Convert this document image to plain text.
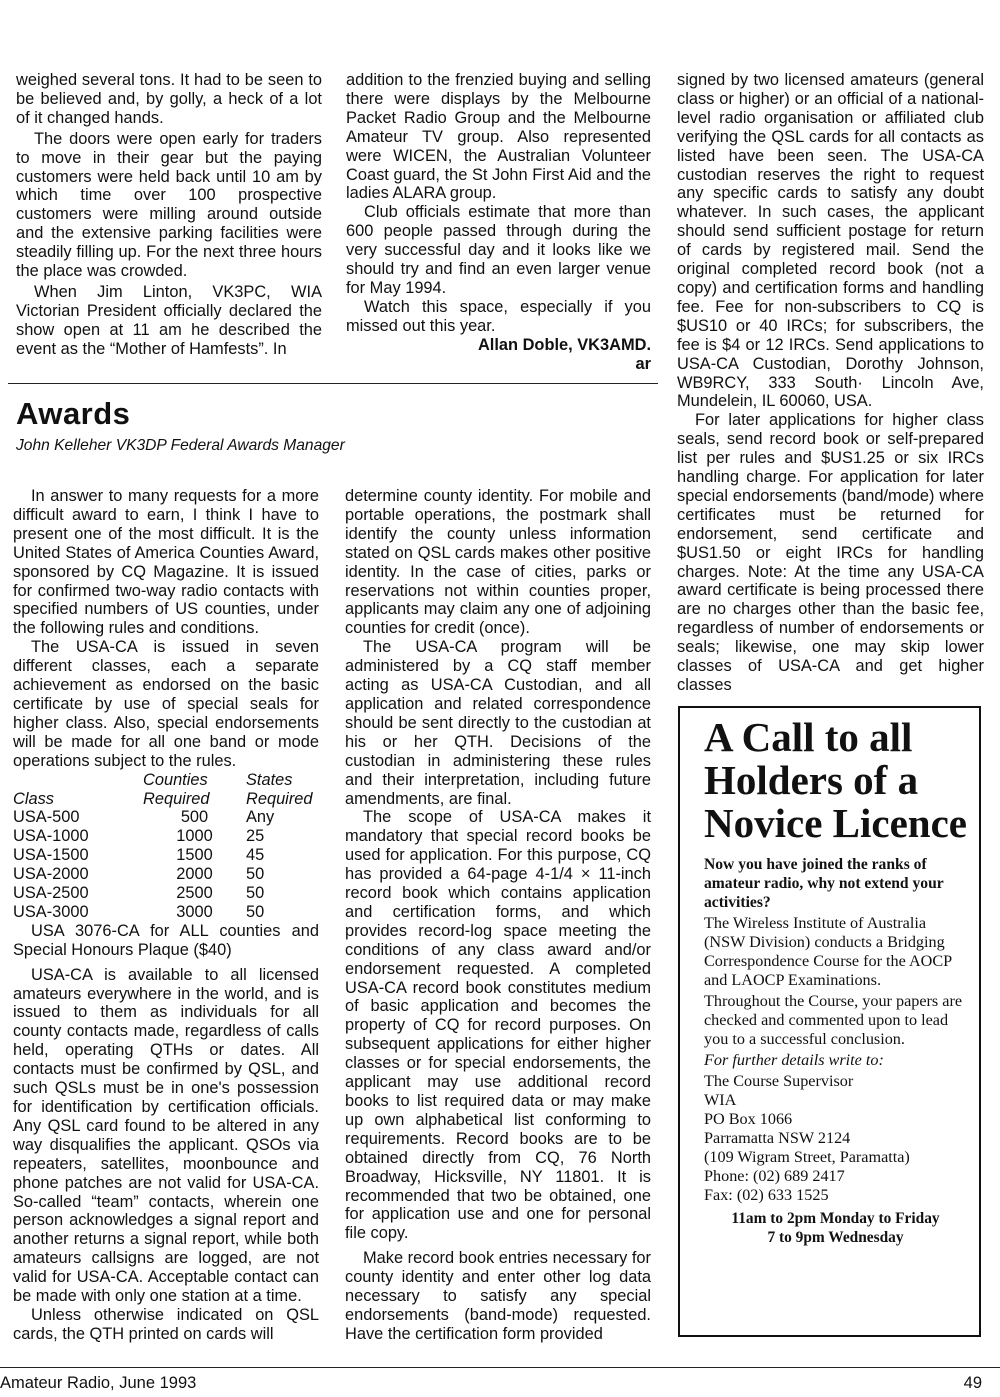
weighed several tons. It had to be seen to be believed and, by golly, a heck of a lot of it changed hands.

The doors were open early for traders to move in their gear but the paying customers were held back until 10 am by which time over 100 prospective customers were milling around outside and the extensive parking facilities were steadily filling up. For the next three hours the place was crowded.

When Jim Linton, VK3PC, WIA Victorian President officially declared the show open at 11 am he described the event as the “Mother of Hamfests”. In

addition to the frenzied buying and selling there were displays by the Melbourne Packet Radio Group and the Melbourne Amateur TV group. Also represented were WICEN, the Australian Volunteer Coast guard, the St John First Aid and the ladies ALARA group.

Club officials estimate that more than 600 people passed through during the very successful day and it looks like we should try and find an even larger venue for May 1994.

Watch this space, especially if you missed out this year.

Allan Doble, VK3AMD.
ar
Awards
John Kelleher VK3DP Federal Awards Manager

In answer to many requests for a more difficult award to earn, I think I have to present one of the most difficult. It is the United States of America Counties Award, sponsored by CQ Magazine. It is issued for confirmed two-way radio contacts with specified numbers of US counties, under the following rules and conditions.

The USA-CA is issued in seven different classes, each a separate achievement as endorsed on the basic certificate by use of special seals for higher class. Also, special endorsements will be made for all one band or mode operations subject to the rules.

	Counties	States
Class	Required	Required
USA-500	500	Any
USA-1000	1000	25
USA-1500	1500	45
USA-2000	2000	50
USA-2500	2500	50
USA-3000	3000	50

USA 3076-CA for ALL counties and Special Honours Plaque ($40)

USA-CA is available to all licensed amateurs everywhere in the world, and is issued to them as individuals for all county contacts made, regardless of calls held, operating QTHs or dates. All contacts must be confirmed by QSL, and such QSLs must be in one's possession for identification by certification officials. Any QSL card found to be altered in any way disqualifies the applicant. QSOs via repeaters, satellites, moonbounce and phone patches are not valid for USA-CA. So-called “team” contacts, wherein one person acknowledges a signal report and another returns a signal report, while both amateurs callsigns are logged, are not valid for USA-CA. Acceptable contact can be made with only one station at a time.

Unless otherwise indicated on QSL cards, the QTH printed on cards will

determine county identity. For mobile and portable operations, the postmark shall identify the county unless information stated on QSL cards makes other positive identity. In the case of cities, parks or reservations not within counties proper, applicants may claim any one of adjoining counties for credit (once).

The USA-CA program will be administered by a CQ staff member acting as USA-CA Custodian, and all application and related correspondence should be sent directly to the custodian at his or her QTH. Decisions of the custodian in administering these rules and their interpretation, including future amendments, are final.

The scope of USA-CA makes it mandatory that special record books be used for application. For this purpose, CQ has provided a 64-page 4-1/4 × 11-inch record book which contains application and certification forms, and which provides record-log space meeting the conditions of any class award and/or endorsement requested. A completed USA-CA record book constitutes medium of basic application and becomes the property of CQ for record purposes. On subsequent applications for either higher classes or for special endorsements, the applicant may use additional record books to list required data or may make up own alphabetical list conforming to requirements. Record books are to be obtained directly from CQ, 76 North Broadway, Hicksville, NY 11801. It is recommended that two be obtained, one for application use and one for personal file copy.

Make record book entries necessary for county identity and enter other log data necessary to satisfy any special endorsements (band-mode) requested. Have the certification form provided

signed by two licensed amateurs (general class or higher) or an official of a national-level radio organisation or affiliated club verifying the QSL cards for all contacts as listed have been seen. The USA-CA custodian reserves the right to request any specific cards to satisfy any doubt whatever. In such cases, the applicant should send sufficient postage for return of cards by registered mail. Send the original completed record book (not a copy) and certification forms and handling fee. Fee for non-subscribers to CQ is $US10 or 40 IRCs; for subscribers, the fee is $4 or 12 IRCs. Send applications to USA-CA Custodian, Dorothy Johnson, WB9RCY, 333 South· Lincoln Ave, Mundelein, IL 60060, USA.

For later applications for higher class seals, send record book or self-prepared list per rules and $US1.25 or six IRCs handling charge. For application for later special endorsements (band/mode) where certificates must be returned for endorsement, send certificate and $US1.50 or eight IRCs for handling charges. Note: At the time any USA-CA award certificate is being processed there are no charges other than the basic fee, regardless of number of endorsements or seals; likewise, one may skip lower classes of USA-CA and get higher classes

A Call to all Holders of a Novice Licence
Now you have joined the ranks of amateur radio, why not extend your activities?
The Wireless Institute of Australia (NSW Division) conducts a Bridging Correspondence Course for the AOCP and LAOCP Examinations.
Throughout the Course, your papers are checked and commented upon to lead you to a successful conclusion.
For further details write to:
The Course Supervisor
WIA
PO Box 1066
Parramatta NSW 2124
(109 Wigram Street, Paramatta)
Phone: (02) 689 2417
Fax: (02) 633 1525
11am to 2pm Monday to Friday
7 to 9pm Wednesday
Amateur Radio, June 1993	49
